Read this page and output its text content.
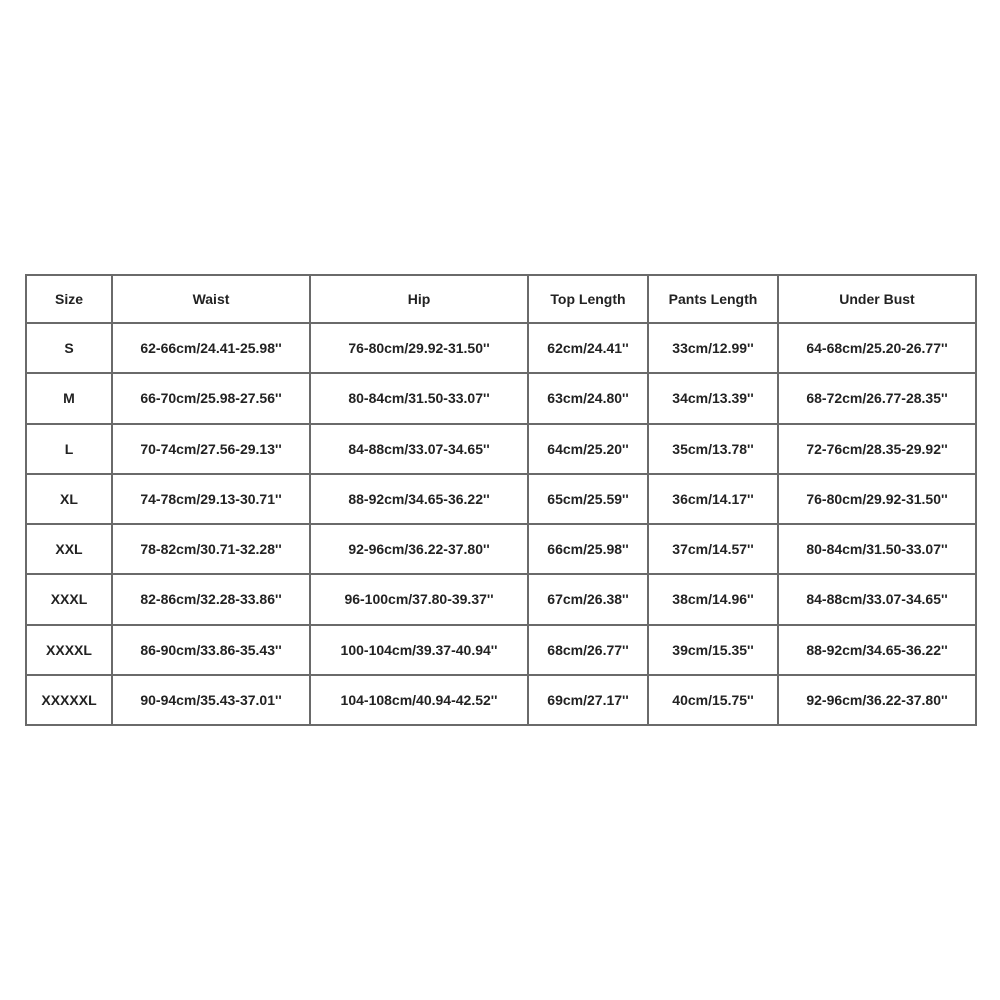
Size	Waist	Hip	Top Length	Pants Length	Under Bust
S	62-66cm/24.41-25.98''	76-80cm/29.92-31.50''	62cm/24.41''	33cm/12.99''	64-68cm/25.20-26.77''
M	66-70cm/25.98-27.56''	80-84cm/31.50-33.07''	63cm/24.80''	34cm/13.39''	68-72cm/26.77-28.35''
L	70-74cm/27.56-29.13''	84-88cm/33.07-34.65''	64cm/25.20''	35cm/13.78''	72-76cm/28.35-29.92''
XL	74-78cm/29.13-30.71''	88-92cm/34.65-36.22''	65cm/25.59''	36cm/14.17''	76-80cm/29.92-31.50''
XXL	78-82cm/30.71-32.28''	92-96cm/36.22-37.80''	66cm/25.98''	37cm/14.57''	80-84cm/31.50-33.07''
XXXL	82-86cm/32.28-33.86''	96-100cm/37.80-39.37''	67cm/26.38''	38cm/14.96''	84-88cm/33.07-34.65''
XXXXL	86-90cm/33.86-35.43''	100-104cm/39.37-40.94''	68cm/26.77''	39cm/15.35''	88-92cm/34.65-36.22''
XXXXXL	90-94cm/35.43-37.01''	104-108cm/40.94-42.52''	69cm/27.17''	40cm/15.75''	92-96cm/36.22-37.80''
